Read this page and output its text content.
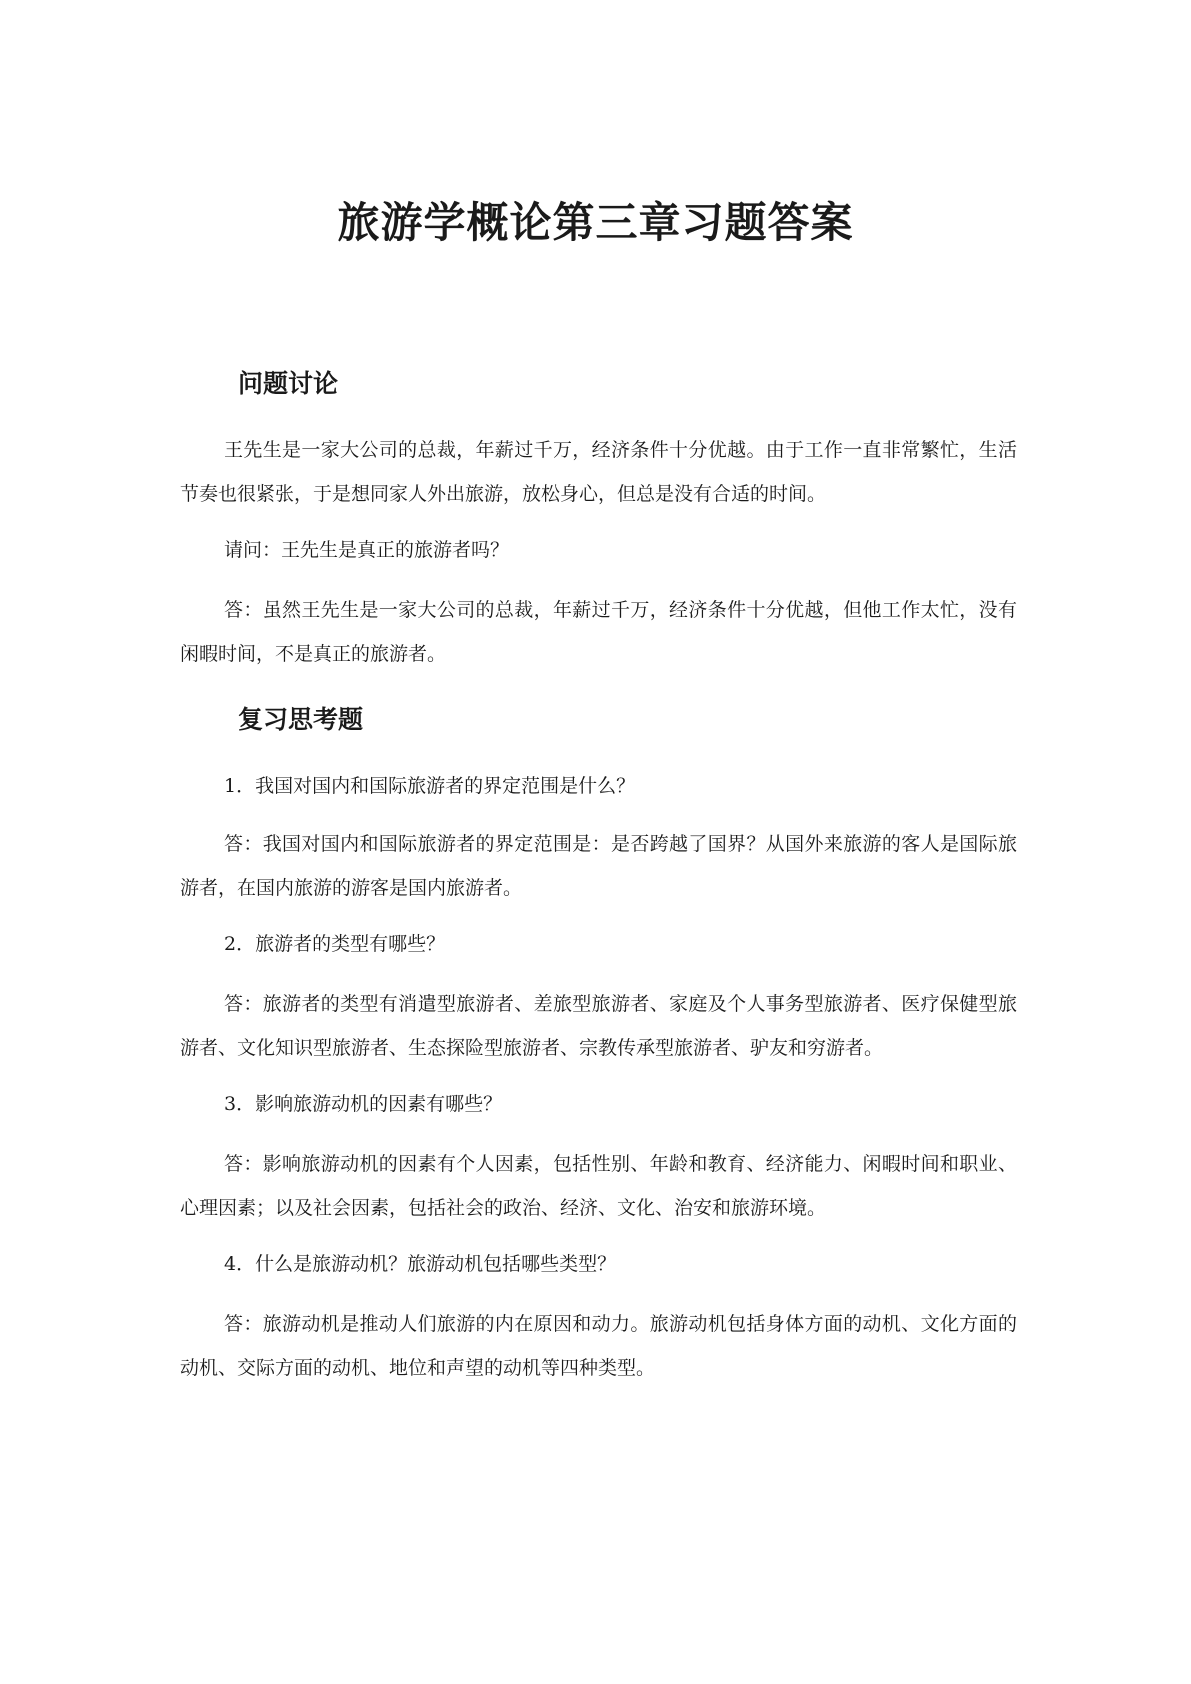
旅游学概论第三章习题答案
问题讨论

王先生是一家大公司的总裁，年薪过千万，经济条件十分优越。由于工作一直非常繁忙，生活节奏也很紧张，于是想同家人外出旅游，放松身心，但总是没有合适的时间。

请问：王先生是真正的旅游者吗？

答：虽然王先生是一家大公司的总裁，年薪过千万，经济条件十分优越，但他工作太忙，没有闲暇时间，不是真正的旅游者。

复习思考题

1．我国对国内和国际旅游者的界定范围是什么？

答：我国对国内和国际旅游者的界定范围是：是否跨越了国界？从国外来旅游的客人是国际旅游者，在国内旅游的游客是国内旅游者。

2．旅游者的类型有哪些？

答：旅游者的类型有消遣型旅游者、差旅型旅游者、家庭及个人事务型旅游者、医疗保健型旅游者、文化知识型旅游者、生态探险型旅游者、宗教传承型旅游者、驴友和穷游者。

3．影响旅游动机的因素有哪些？

答：影响旅游动机的因素有个人因素，包括性别、年龄和教育、经济能力、闲暇时间和职业、心理因素；以及社会因素，包括社会的政治、经济、文化、治安和旅游环境。

4．什么是旅游动机？旅游动机包括哪些类型？

答：旅游动机是推动人们旅游的内在原因和动力。旅游动机包括身体方面的动机、文化方面的动机、交际方面的动机、地位和声望的动机等四种类型。
